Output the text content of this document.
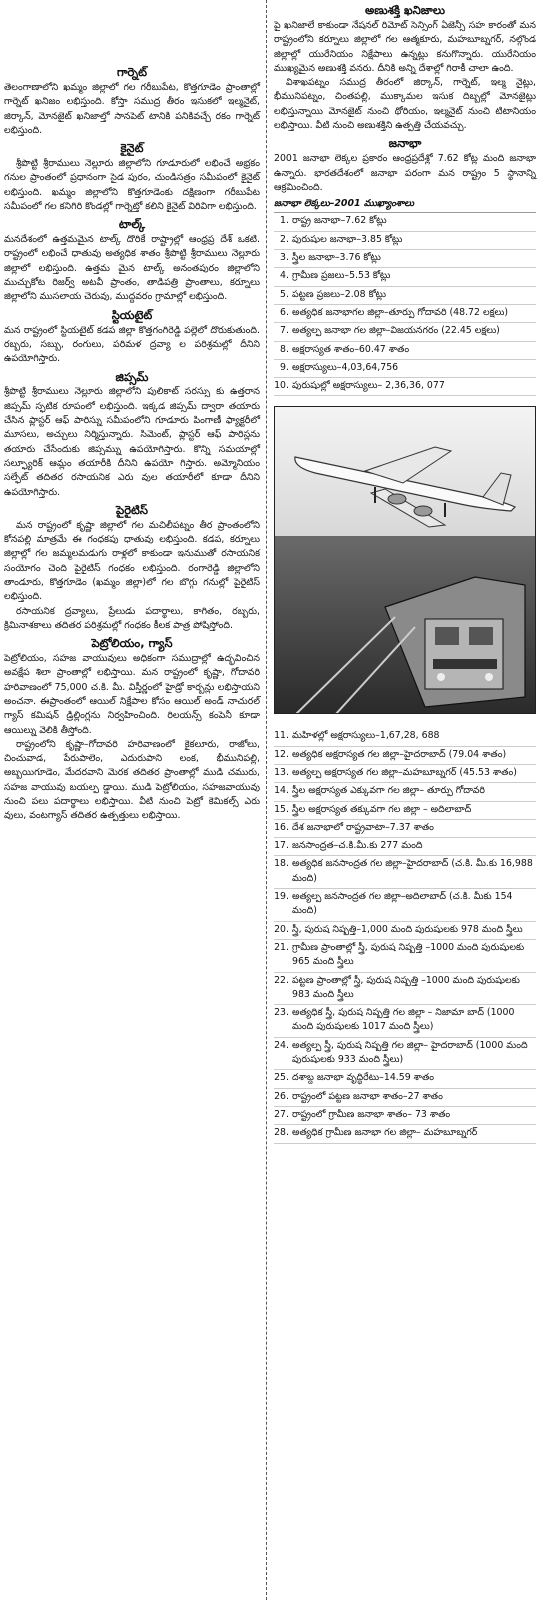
గార్నెట్

తెలంగాణాలోని ఖమ్మం జిల్లాలో గల గరీబుపేట, కొత్తగూడెం ప్రాంతాల్లో గార్నెట్ ఖనిజం లభిస్తుంది. కోస్తా సముద్ర తీరం ఇసుకలో ఇల్మనైట్, జిర్కాన్, మోనజైట్ ఖనిజాల్తో సానపెట్ టానికి పనికివచ్చే రకం గార్నెట్ లభిస్తుంది.

కైనైట్

శ్రీపొట్టి శ్రీరాములు నెల్లూరు జిల్లాలోని గూడూరులో లభించే అభ్రకం గనుల ప్రాంతంలో ప్రధానంగా సైడ పురం, చుండిసత్రం సమీపంలో కైనైట్ లభిస్తుంది. ఖమ్మం జిల్లాలోని కొత్తగూడెంకు దక్షిణంగా గరీబుపేట సమీపంలో గల కనిగిరి కొండల్లో గార్నెట్తో కలిని కైనైట్ విరివిగా లభిస్తుంది.

టాల్క్

మనదేశంలో ఉత్తమమైన టాల్క్ దొరికే రాష్ట్రాల్లో ఆంధ్రప్ర దేశ్ ఒకటి. రాష్ట్రంలో లభించే ధాతువు అత్యధిక శాతం శ్రీపొట్టి శ్రీరాములు నెల్లూరు జిల్లాలో లభిస్తుంది. ఉత్తమ మైన టాల్క్ అనంతపురం జిల్లాలోని ముచ్చుకోట రిజర్వ్ అటవీ ప్రాంతం, తాడిపత్రి ప్రాంతాలు, కర్నూలు జిల్లాలోని ముసలాయ చెరువు, ముద్దవరం గ్రామాల్లో లభిస్తుంది.

స్టియటైట్

మన రాష్ట్రంలో స్టియటైట్ కడప జిల్లా కొత్తగంగిరెడ్డి పల్లెలో దొరుకుతుంది. రబ్బరు, సబ్బు, రంగులు, పరిమళ ద్రవ్యా ల పరిశ్రమల్లో దీనిని ఉపయోగిస్తారు.

జిప్సమ్

శ్రీపొట్టి శ్రీరాములు నెల్లూరు జిల్లాలోని పులికాట్ సరస్సు కు ఉత్తరాన జిప్సమ్ స్ఫటిక రూపంలో లభిస్తుంది. ఇక్కడ జిప్సమ్ ద్వారా తయారు చేసిన ప్లాస్టర్ ఆఫ్ పారిస్ను సమీపంలోని గూడూరు పింగాణీ ఫ్యాక్టరీలో మూసలు, అచ్చులు నిర్మిస్తున్నారు. సిమెంట్, ప్లాస్టర్ ఆఫ్ పారిస్లను తయారు చేసేందుకు జిప్సమ్ను ఉపయోగిస్తారు. కొన్ని సమయాల్లో సల్ఫ్యూరిక్ ఆమ్లం తయారీకి దీనిని ఉపయో గిస్తారు. అమ్మోనియం సల్ఫేట్ తదితర రసాయనిక ఎరు వుల తయారీలో కూడా దీనిని ఉపయోగిస్తారు.

పైరైటిస్

మన రాష్ట్రంలో కృష్ణా జిల్లాలో గల మచిలీపట్నం తీర ప్రాంతంలోని కోనపల్లి మాత్రమే ఈ గంధకపు ధాతువు లభిస్తుంది. కడప, కర్నూలు జిల్లాల్లో గల జమ్మలమడుగు రాళ్లలో కాకుండా ఇనుముతో రసాయనిక సంయోగం చెంది పైరైటిస్ గంధకం లభిస్తుంది. రంగారెడ్డి జిల్లాలోని తాండూరు, కొత్తగూడెం (ఖమ్మం జిల్లా)లో గల బొగ్గు గనుల్లో పైరైటిస్ లభిస్తుంది.

రసాయనిక ద్రవ్యాలు, ప్రేలుడు పదార్థాలు, కాగితం, రబ్బరు, క్రిమినాశకాలు తదితర పరిశ్రమల్లో గంధకం కీలక పాత్ర పోషిస్తోంది.

పెట్రోలియం, గ్యాస్

పెట్రోలియం, సహజ వాయువులు అధికంగా సముద్రాల్లో ఉద్భవించిన అవక్షేప శిలా ప్రాంతాల్లో లభిస్తాయి. మన రాష్ట్రంలో కృష్ణా, గోదావరి హరివాణంలో 75,000 చ.కి. మీ. విస్తీర్ణంలో హైడ్రో కార్బన్లు లభిస్తాయని అంచనా. ఈప్రాంతంలో ఆయిల్ నిక్షేపాల కోసం ఆయిల్ అండ్ నాచురల్ గ్యాస్ కమిషన్ డ్రిల్లింగ్లను నిర్వహించింది. రిలయన్స్ కంపెనీ కూడా ఆయిల్ను వెలికి తీస్తోంది.

రాష్ట్రంలోని కృష్ణా–గోదావరి హరివాణంలో కైకలూరు, రాజోలు, చించువాడ, పేరుపాలెం, ఎదురుపాని లంక, భీమునిపల్లి, అబ్బయిగూడెం, మేదరవాని మెరక తదితర ప్రాంతాల్లో ముడి చమురు, సహజ వాయువు బయల్ప డ్డాయి. ముడి పెట్రోలియం, సహజవాయువు నుంచి పలు పదార్థాలు లభిస్తాయి. వీటి నుంచి పెట్రో కెమికల్స్ ఎరు వులు, వంటగ్యాస్ తదితర ఉత్పత్తులు లభిస్తాయి.

అణుశక్తి ఖనిజాలు

పై ఖనిజాలే కాకుండా నేషనల్ రిమోట్ సెన్సింగ్ ఏజెన్సీ సహ కారంతో మన రాష్ట్రంలోని కర్నూలు జిల్లాలో గల ఆత్మకూరు, మహబూబ్నగర్, నల్గొండ జిల్లాల్లో యురేనియం నిక్షేపాలు ఉన్నట్లు కనుగొన్నారు. యురేనియం ముఖ్యమైన అణుశక్తి వనరు. దీనికి అన్ని దేశాల్లో గిరాకీ చాలా ఉంది.

విశాఖపట్నం సముద్ర తీరంలో జిర్కాన్, గార్నెట్, ఇల్మ నైట్లు, భీమునిపట్నం, చింతపల్లి, ముక్కామల ఇసుక దిబ్బల్లో మోనజైట్లు లభిస్తున్నాయి మోనజైట్ నుంచి థోరియం, ఇల్మనైట్ నుంచి టిటానియం లభిస్తాయి. వీటి నుంచి అణుశక్తిని ఉత్పత్తి చేయవచ్చు.

జనాభా

2001 జనాభా లెక్కల ప్రకారం ఆంధ్రప్రదేశ్లో 7.62 కోట్ల మంది జనాభా ఉన్నారు. భారతదేశంలో జనాభా పరంగా మన రాష్ట్రం 5 స్థానాన్ని ఆక్రమించింది.

జనాభా లెక్కలు–2001 ముఖ్యాంశాలు
1. రాష్ట్ర జనాభా–7.62 కోట్లు
2. పురుషుల జనాభా–3.85 కోట్లు
3. స్త్రీల జనాభా–3.76 కోట్లు
4. గ్రామీణ ప్రజలు–5.53 కోట్లు
5. పట్టణ ప్రజలు–2.08 కోట్లు
6. అత్యధిక జనాభాగల జిల్లా–తూర్పు గోదావరి (48.72 లక్షలు)
7. అత్యల్ప జనాభా గల జిల్లా–విజయనగరం (22.45 లక్షలు)
8. అక్షరాస్యత శాతం–60.47 శాతం
9. అక్షరాస్యులు–4,03,64,756
10. పురుషుల్లో అక్షరాస్యులు– 2,36,36, 077
11. మహిళల్లో అక్షరాస్యులు–1,67,28, 688
12. అత్యధిక అక్షరాస్యత గల జిల్లా–హైదరాబాద్ (79.04 శాతం)
13. అత్యల్ప అక్షరాస్యత గల జిల్లా–మహబూబ్నగర్ (45.53 శాతం)
14. స్త్రీల అక్షరాస్యత ఎక్కువగా గల జిల్లా– తూర్పు గోదావరి
15. స్త్రీల అక్షరాస్యత తక్కువగా గల జిల్లా – అదిలాబాద్
16. దేశ జనాభాలో రాష్ట్రవాటా–7.37 శాతం
17. జనసాంద్రత–చ.కి.మీ.కు 277 మంది
18. అత్యధిక జనసాంద్రత గల జిల్లా–హైదరాబాద్ (చ.కి. మీ.కు 16,988 మంది)
19. అత్యల్ప జనసాంద్రత గల జిల్లా–అదిలాబాద్ (చ.కి. మీకు 154 మంది)
20. స్త్రీ, పురుష నిష్పత్తి–1,000 మంది పురుషులకు 978 మంది స్త్రీలు
21. గ్రామీణ ప్రాంతాల్లో స్త్రీ, పురుష నిష్పత్తి –1000 మంది పురుషులకు 965 మంది స్త్రీలు
22. పట్టణ ప్రాంతాల్లో స్త్రీ, పురుష నిష్పత్తి –1000 మంది పురుషులకు 983 మంది స్త్రీలు
23. అత్యధిక స్త్రీ, పురుష నిష్పత్తి గల జిల్లా – నిజామా బాద్ (1000 మంది పురుషులకు 1017 మంది స్త్రీలు)
24. అత్యల్ప స్త్రీ, పురుష నిష్పత్తి గల జిల్లా– హైదరాబాద్ (1000 మంది పురుషులకు 933 మంది స్త్రీలు)
25. దశాబ్ద జనాభా వృద్ధిరేటు–14.59 శాతం
26. రాష్ట్రంలో పట్టణ జనాభా శాతం–27 శాతం
27. రాష్ట్రంలో గ్రామీణ జనాభా శాతం– 73 శాతం
28. అత్యధిక గ్రామీణ జనాభా గల జిల్లా– మహబూబ్నగర్
